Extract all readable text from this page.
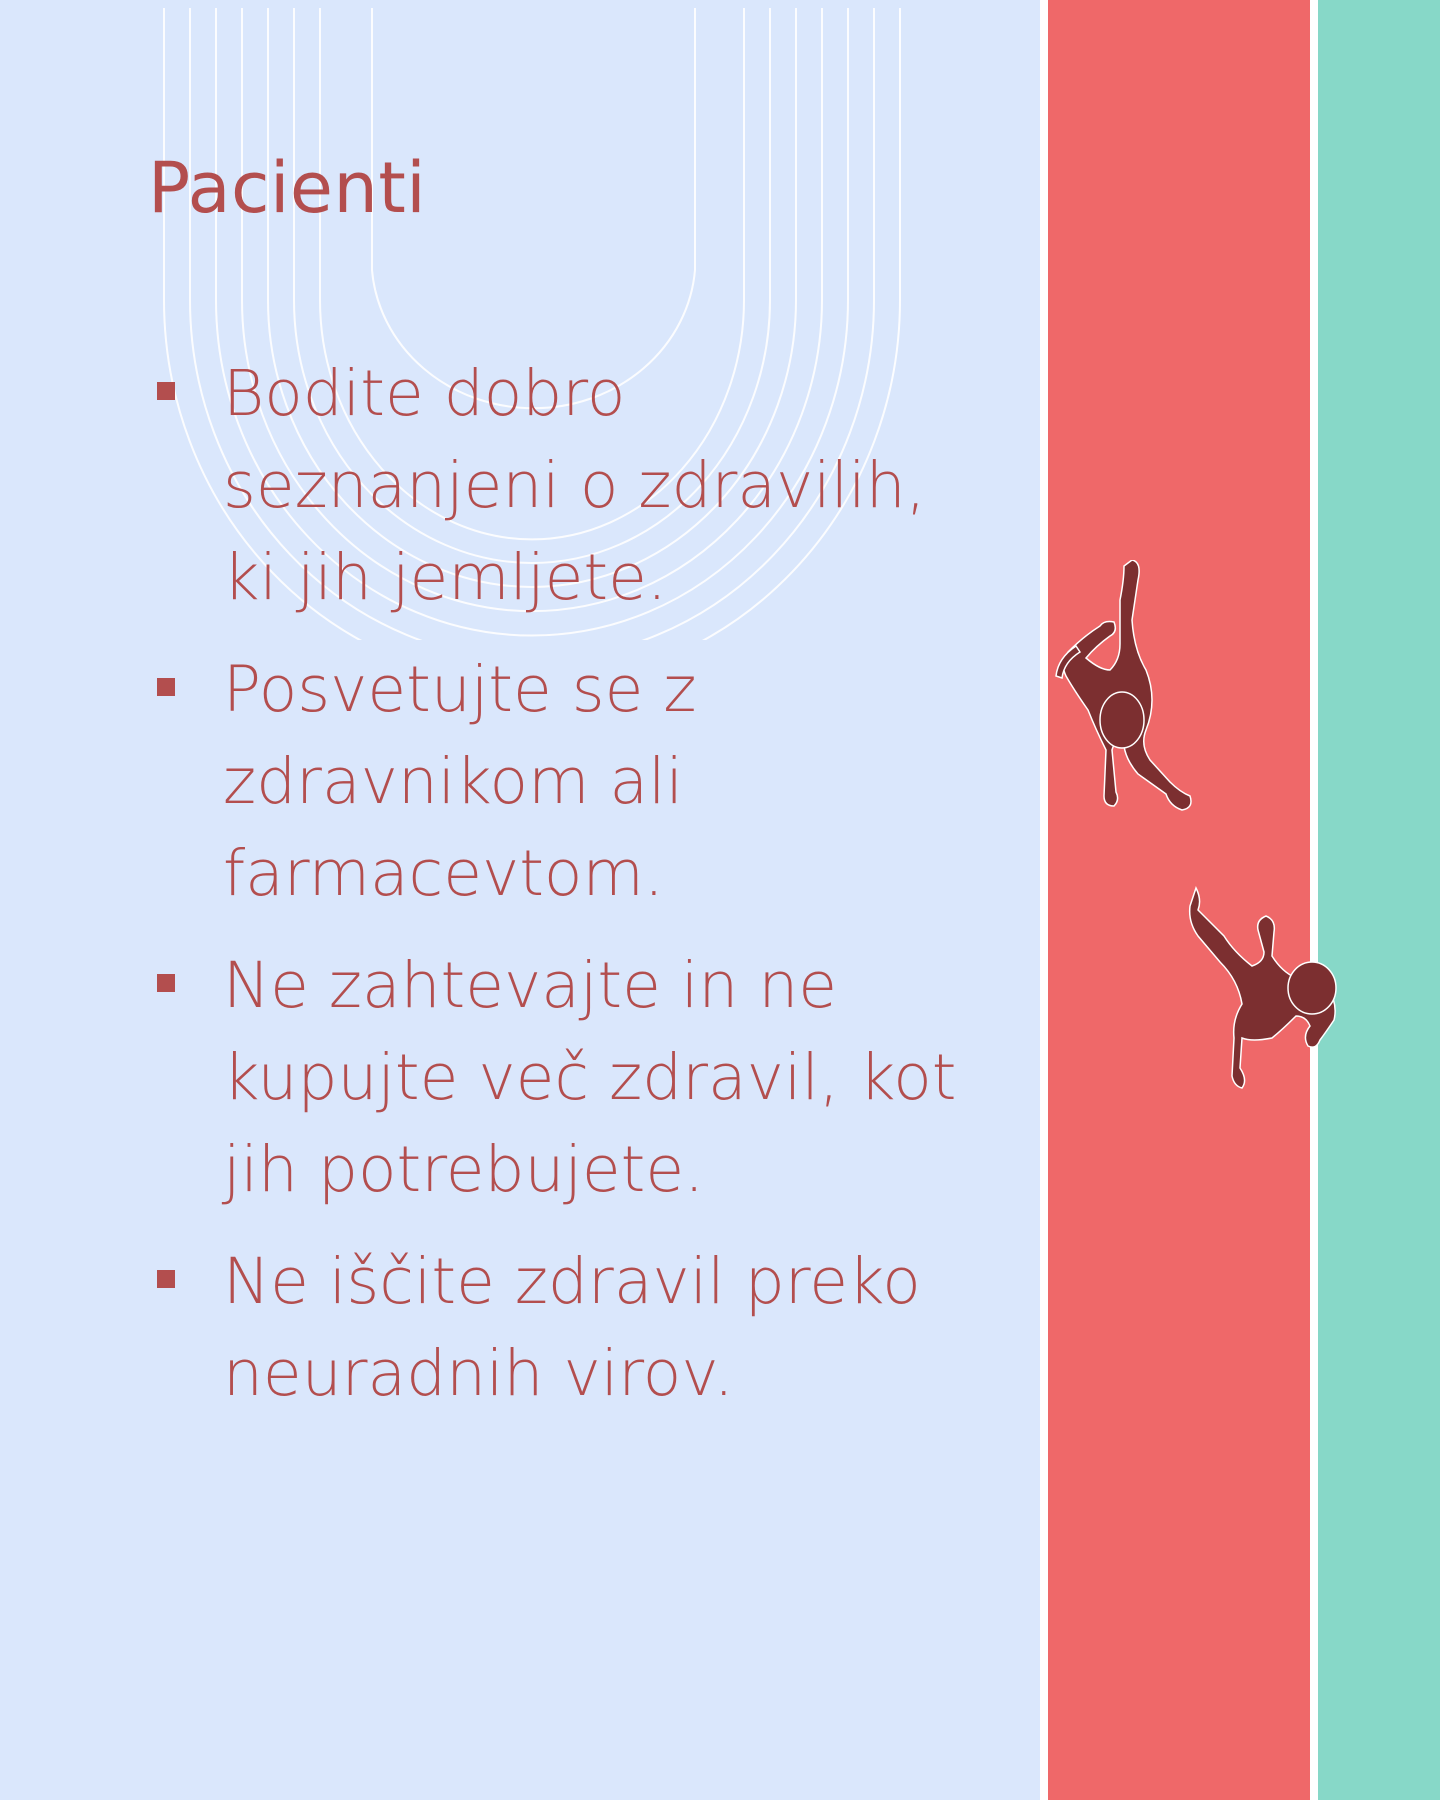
Pacienti
Bodite dobro seznanjeni o zdravilih, ki jih jemljete.
Posvetujte se z zdravnikom ali farmacevtom.
Ne zahtevajte in ne kupujte več zdravil, kot jih potrebujete.
Ne iščite zdravil preko neuradnih virov.
